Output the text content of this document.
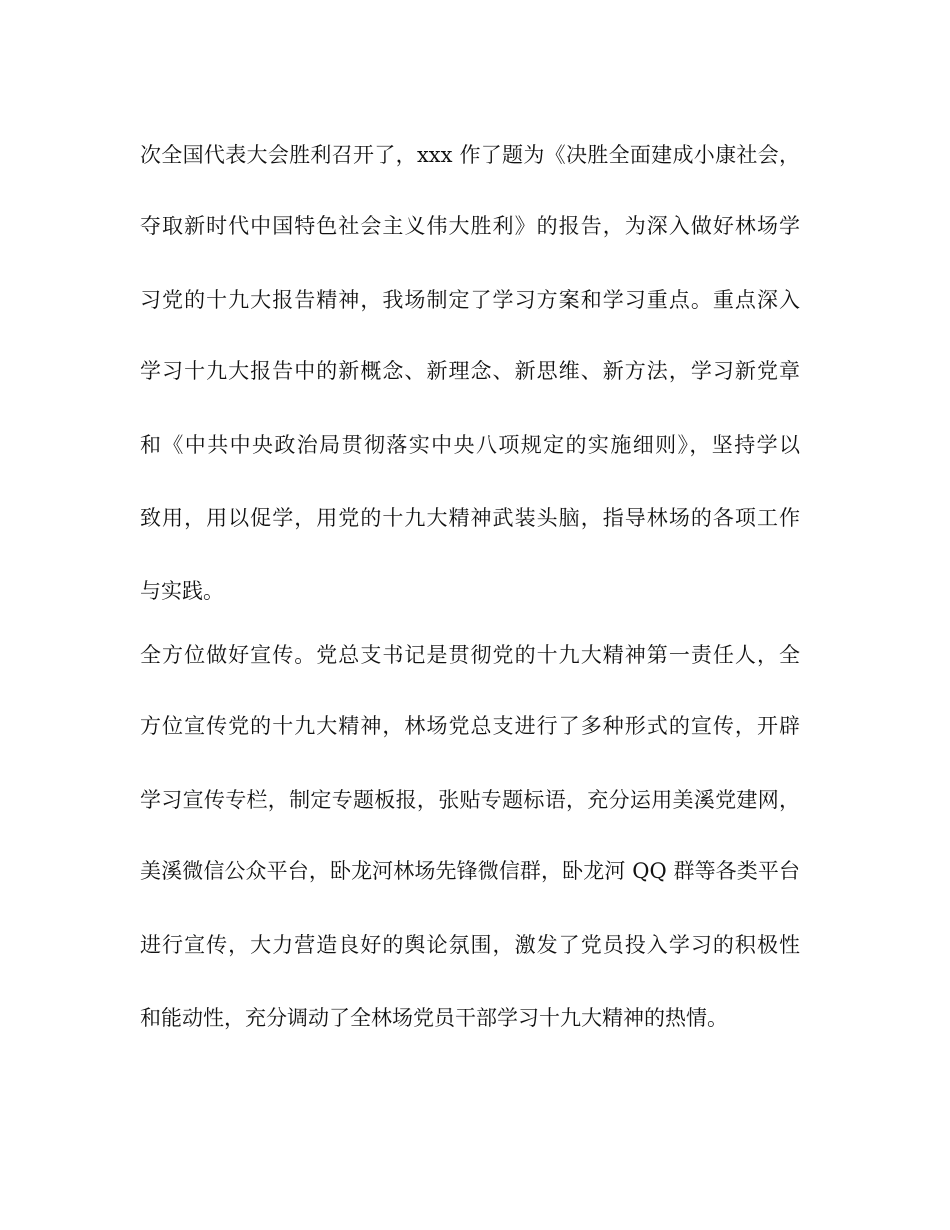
次全国代表大会胜利召开了，xxx 作了题为《决胜全面建成小康社会，
夺取新时代中国特色社会主义伟大胜利》的报告，为深入做好林场学
习党的十九大报告精神，我场制定了学习方案和学习重点。重点深入
学习十九大报告中的新概念、新理念、新思维、新方法，学习新党章
和《中共中央政治局贯彻落实中央八项规定的实施细则》，坚持学以
致用，用以促学，用党的十九大精神武装头脑，指导林场的各项工作
与实践。
全方位做好宣传。党总支书记是贯彻党的十九大精神第一责任人，全
方位宣传党的十九大精神，林场党总支进行了多种形式的宣传，开辟
学习宣传专栏，制定专题板报，张贴专题标语，充分运用美溪党建网，
美溪微信公众平台，卧龙河林场先锋微信群，卧龙河 QQ 群等各类平台
进行宣传，大力营造良好的舆论氛围，激发了党员投入学习的积极性
和能动性，充分调动了全林场党员干部学习十九大精神的热情。
